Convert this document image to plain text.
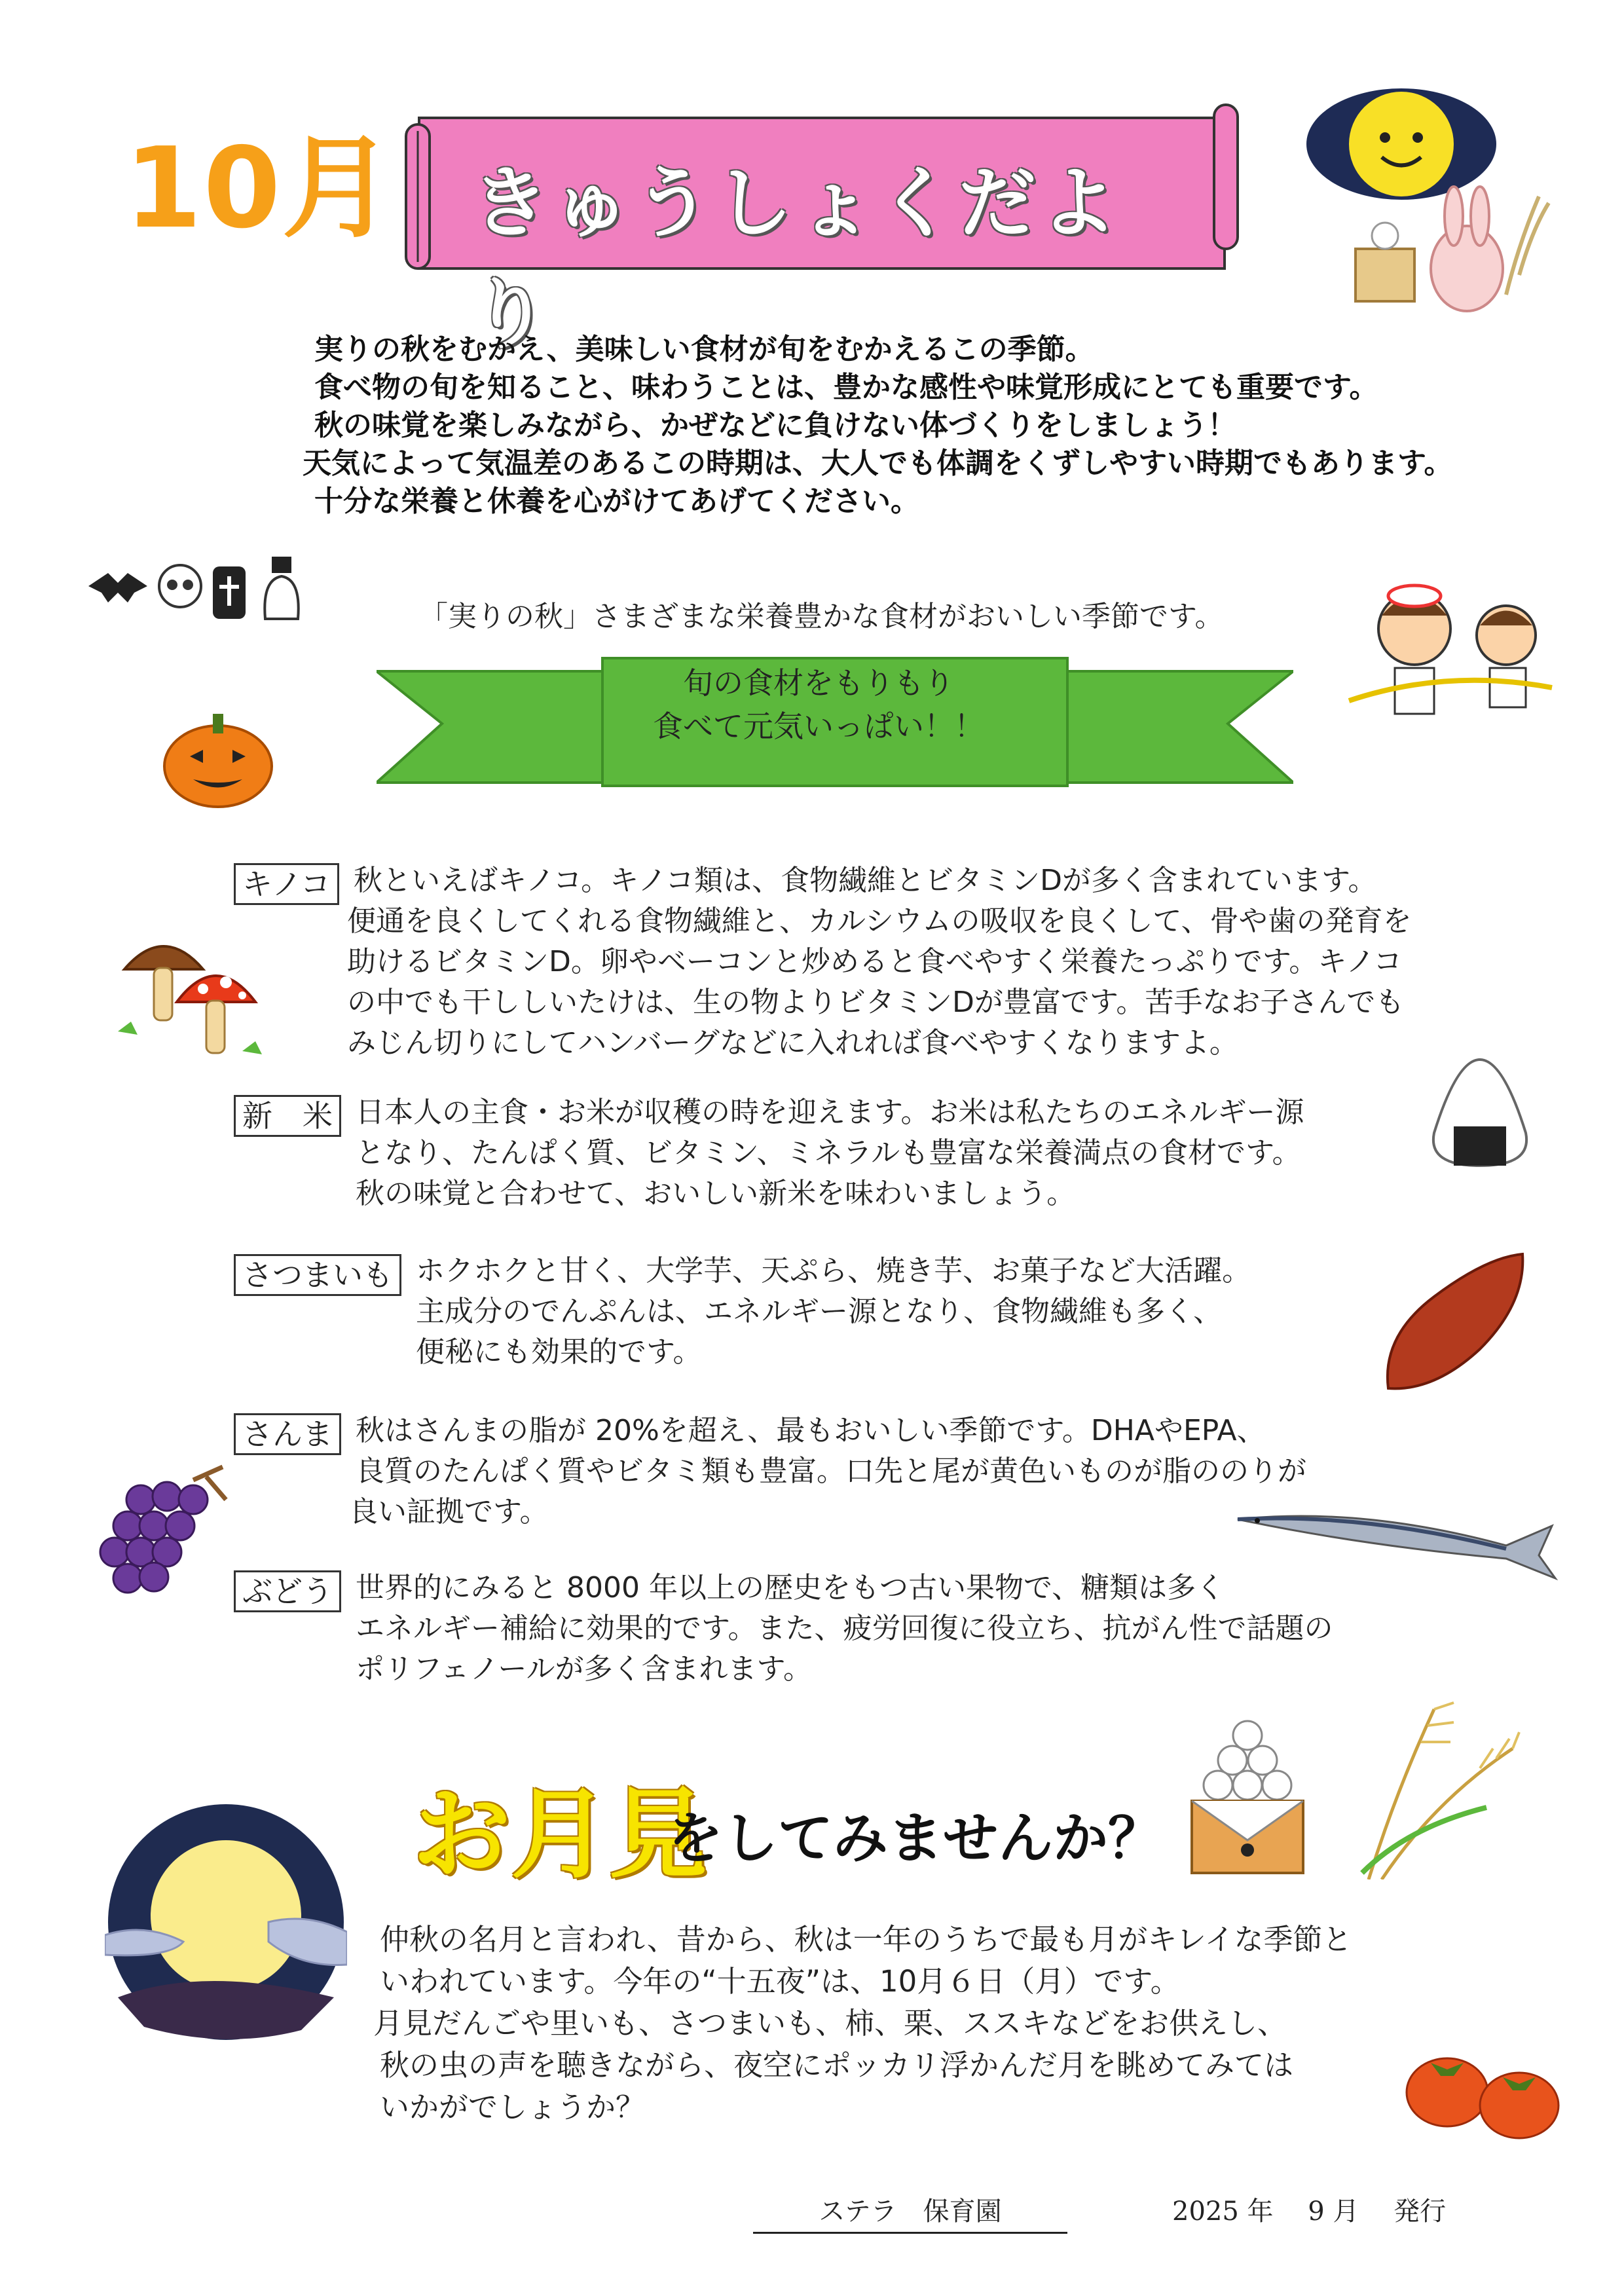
10月 きゅうしょくだより
実りの秋をむかえ、美味しい食材が旬をむかえるこの季節。
食べ物の旬を知ること、味わうことは、豊かな感性や味覚形成にとても重要です。
秋の味覚を楽しみながら、かぜなどに負けない体づくりをしましょう！
天気によって気温差のあるこの時期は、大人でも体調をくずしやすい時期でもあります。
十分な栄養と休養を心がけてあげてください。
「実りの秋」さまざまな栄養豊かな食材がおいしい季節です。
旬の食材をもりもり
食べて元気いっぱい！！
キノコ 秋といえばキノコ。キノコ類は、食物繊維とビタミンDが多く含まれています。
便通を良くしてくれる食物繊維と、カルシウムの吸収を良くして、骨や歯の発育を
助けるビタミンD。卵やベーコンと炒めると食べやすく栄養たっぷりです。キノコ
の中でも干ししいたけは、生の物よりビタミンDが豊富です。苦手なお子さんでも
みじん切りにしてハンバーグなどに入れれば食べやすくなりますよ。
新　米 日本人の主食・お米が収穫の時を迎えます。お米は私たちのエネルギー源
となり、たんぱく質、ビタミン、ミネラルも豊富な栄養満点の食材です。
秋の味覚と合わせて、おいしい新米を味わいましょう。
さつまいも ホクホクと甘く、大学芋、天ぷら、焼き芋、お菓子など大活躍。
主成分のでんぷんは、エネルギー源となり、食物繊維も多く、
便秘にも効果的です。
さんま 秋はさんまの脂が 20%を超え、最もおいしい季節です。DHAやEPA、
良質のたんぱく質やビタミ類も豊富。口先と尾が黄色いものが脂ののりが
良い証拠です。
ぶどう 世界的にみると 8000 年以上の歴史をもつ古い果物で、糖類は多く
エネルギー補給に効果的です。また、疲労回復に役立ち、抗がん性で話題の
ポリフェノールが多く含まれます。
お月見
をしてみませんか？
仲秋の名月と言われ、昔から、秋は一年のうちで最も月がキレイな季節と
いわれています。今年の“十五夜”は、10月６日（月）です。
月見だんごや里いも、さつまいも、柿、栗、ススキなどをお供えし、
秋の虫の声を聴きながら、夜空にポッカリ浮かんだ月を眺めてみては
いかがでしょうか？
ステラ　保育園	2025 年　 9 月　 発行
